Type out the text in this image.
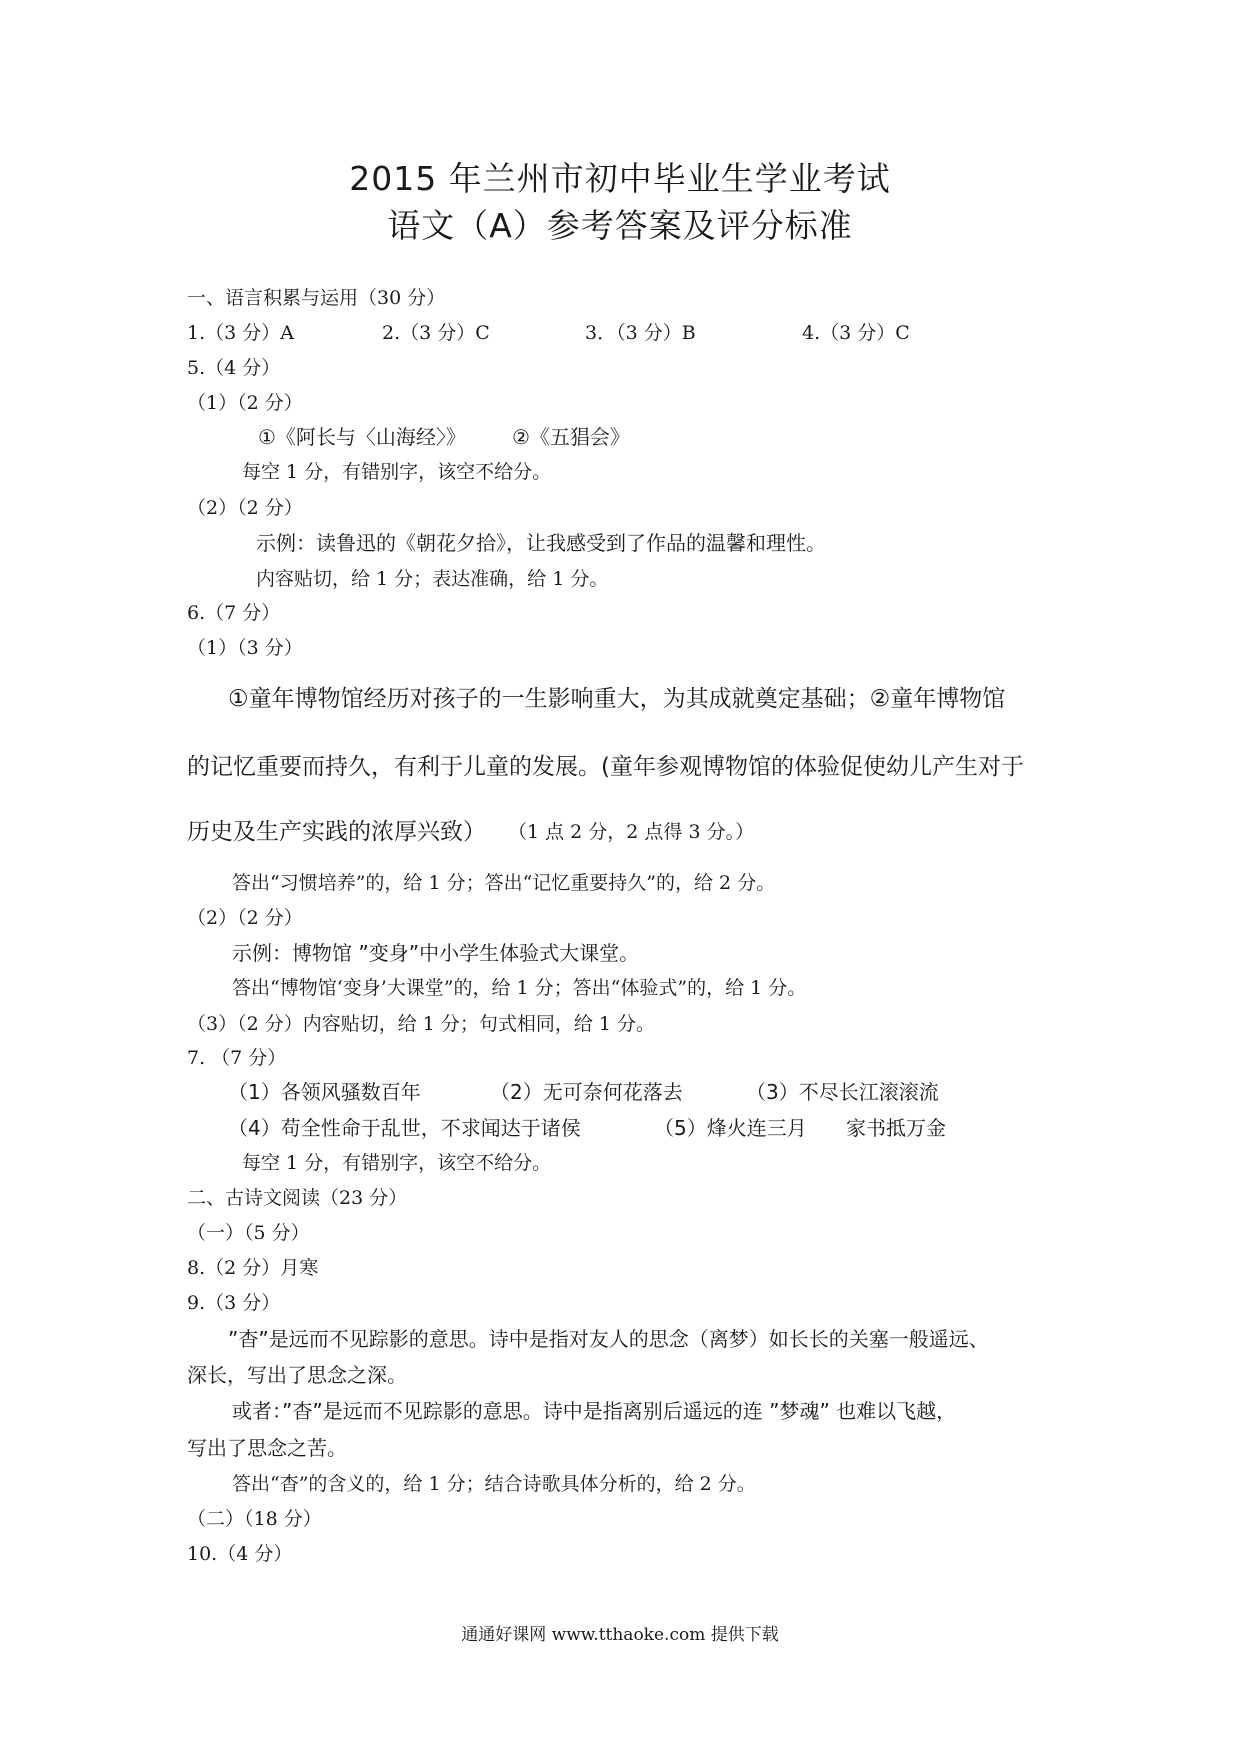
2015 年兰州市初中毕业生学业考试
语文（A）参考答案及评分标准
一、语言积累与运用（30 分）
1.（3 分）A	2.（3 分）C	3．（3 分）B	4.（3 分）C
5.（4 分）
（1）（2 分）
①《阿长与〈山海经〉》 ②《五猖会》
每空 1 分，有错别字，该空不给分。
（2）（2 分）
示例：读鲁迅的《朝花夕拾》，让我感受到了作品的温馨和理性。
内容贴切，给 1 分；表达准确，给 1 分。
6.（7 分）
（1）（3 分）
①童年博物馆经历对孩子的一生影响重大，为其成就奠定基础；②童年博物馆
的记忆重要而持久，有利于儿童的发展。(童年参观博物馆的体验促使幼儿产生对于
历史及生产实践的浓厚兴致） （1 点 2 分，2 点得 3 分。）
答出“习惯培养”的，给 1 分；答出“记忆重要持久”的，给 2 分。
（2）（2 分）
示例：博物馆 ”变身”中小学生体验式大课堂。
答出“博物馆‘变身’大课堂”的，给 1 分；答出“体验式”的，给 1 分。
（3）（2 分）内容贴切，给 1 分；句式相同，给 1 分。
7. （7 分）
（1）各领风骚数百年	（2）无可奈何花落去	（3）不尽长江滚滚流
（4）苟全性命于乱世，不求闻达于诸侯	（5）烽火连三月 家书抵万金
每空 1 分，有错别字，该空不给分。
二、古诗文阅读（23 分）
（一）（5 分）
8.（2 分）月寒
9.（3 分）
”杳”是远而不见踪影的意思。诗中是指对友人的思念（离梦）如长长的关塞一般遥远、
深长，写出了思念之深。
或者：”杳”是远而不见踪影的意思。诗中是指离别后遥远的连 ”梦魂” 也难以飞越，
写出了思念之苦。
答出“杳”的含义的，给 1 分；结合诗歌具体分析的，给 2 分。
（二）（18 分）
10.（4 分）
通通好课网 www.tthaoke.com 提供下载
